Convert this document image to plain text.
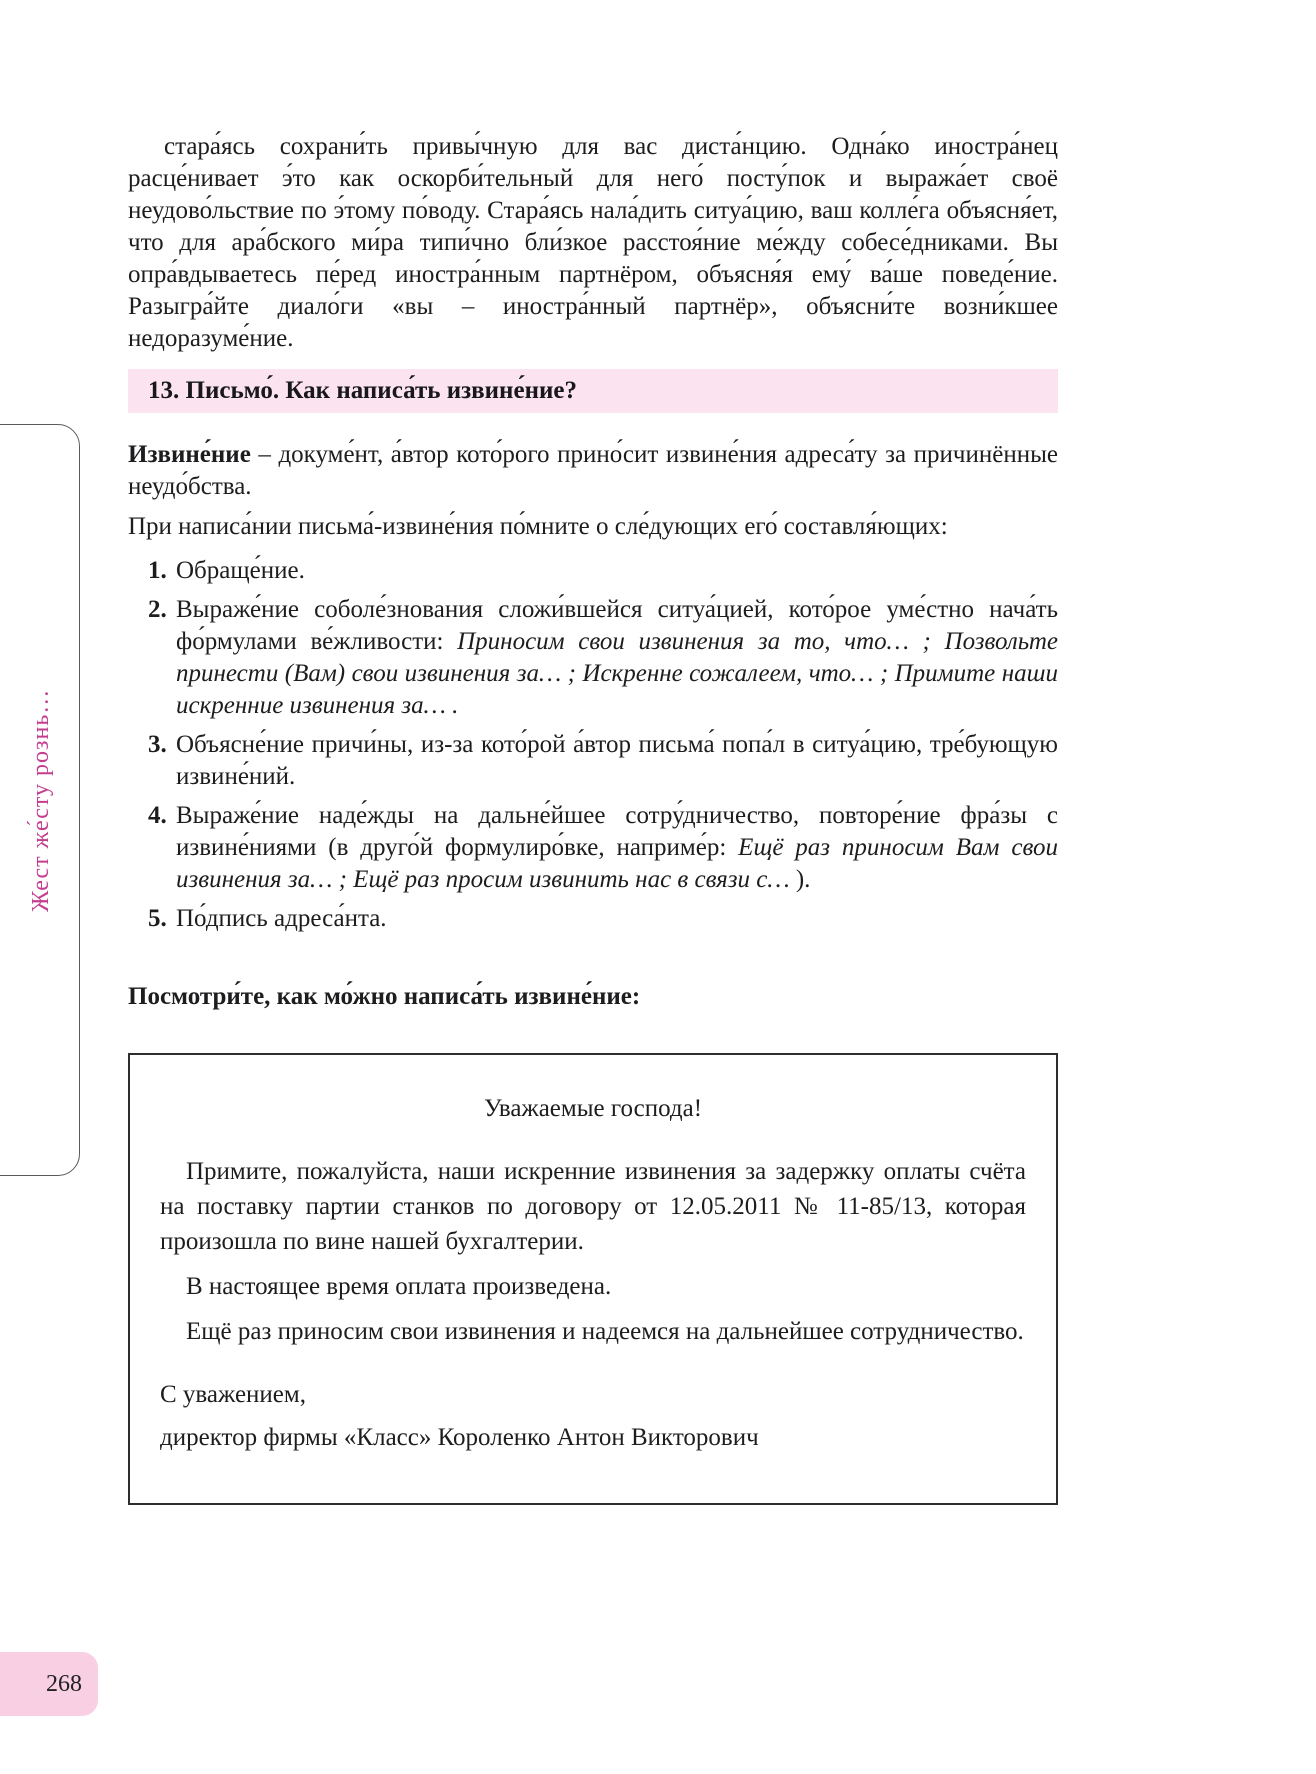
Жест же́сту рознь…
268

стара́ясь сохрани́ть привы́чную для вас диста́нцию. Одна́ко иностра́нец расце́нивает э́то как оскорби́тельный для него́ посту́пок и выража́ет своё неудово́льствие по э́тому по́воду. Стара́ясь нала́дить ситуа́цию, ваш колле́га объясня́ет, что для ара́бского ми́ра типи́чно бли́зкое расстоя́ние ме́жду собесе́дниками. Вы опра́вдываетесь пе́ред иностра́нным партнёром, объясня́я ему́ ва́ше поведе́ние. Разыгра́йте диало́ги «вы – иностра́нный партнёр», объясни́те возни́кшее недоразуме́ние.

13. Письмо́. Как написа́ть извине́ние?

Извине́ние – докуме́нт, а́втор кото́рого прино́сит извине́ния адреса́ту за причинённые неудо́бства.

При написа́нии письма́-извине́ния по́мните о сле́дующих его́ составля́ющих:

1. Обраще́ние.
2. Выраже́ние соболе́знования сложи́вшейся ситуа́цией, кото́рое уме́стно нача́ть фо́рмулами ве́жливости: Приносим свои извинения за то, что… ; Позвольте принести (Вам) свои извинения за… ; Искренне сожалеем, что… ; Примите наши искренние извинения за… .
3. Объясне́ние причи́ны, из-за кото́рой а́втор письма́ попа́л в ситуа́цию, тре́бующую извине́ний.
4. Выраже́ние наде́жды на дальне́йшее сотру́дничество, повторе́ние фра́зы с извине́ниями (в друго́й формулиро́вке, наприме́р: Ещё раз приносим Вам свои извинения за… ; Ещё раз просим извинить нас в связи с… ).
5. По́дпись адреса́нта.

Посмотри́те, как мо́жно написа́ть извине́ние:

Уважаемые господа!

Примите, пожалуйста, наши искренние извинения за задержку оплаты счёта на поставку партии станков по договору от 12.05.2011 № 11-85/13, которая произошла по вине нашей бухгалтерии.

В настоящее время оплата произведена.

Ещё раз приносим свои извинения и надеемся на дальнейшее сотрудничество.

С уважением,

директор фирмы «Класс» Короленко Антон Викторович
